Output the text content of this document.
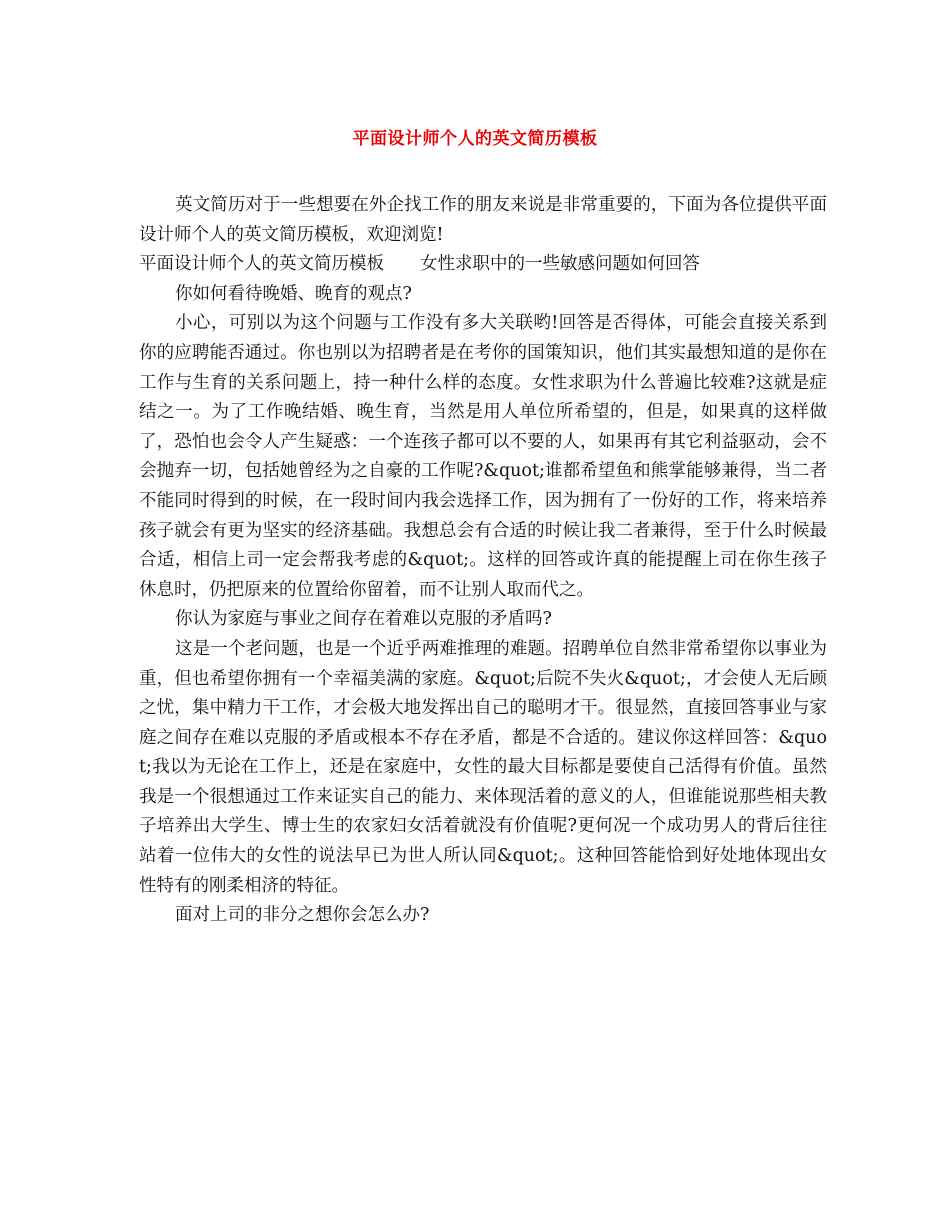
平面设计师个人的英文简历模板

英文简历对于一些想要在外企找工作的朋友来说是非常重要的，下面为各位提供平面设计师个人的英文简历模板，欢迎浏览!

平面设计师个人的英文简历模板 女性求职中的一些敏感问题如何回答

你如何看待晚婚、晚育的观点?

小心，可别以为这个问题与工作没有多大关联哟!回答是否得体，可能会直接关系到你的应聘能否通过。你也别以为招聘者是在考你的国策知识，他们其实最想知道的是你在工作与生育的关系问题上，持一种什么样的态度。女性求职为什么普遍比较难?这就是症结之一。为了工作晚结婚、晚生育，当然是用人单位所希望的，但是，如果真的这样做了，恐怕也会令人产生疑惑：一个连孩子都可以不要的人，如果再有其它利益驱动，会不会抛弃一切，包括她曾经为之自豪的工作呢?&quot;谁都希望鱼和熊掌能够兼得，当二者不能同时得到的时候，在一段时间内我会选择工作，因为拥有了一份好的工作，将来培养孩子就会有更为坚实的经济基础。我想总会有合适的时候让我二者兼得，至于什么时候最合适，相信上司一定会帮我考虑的&quot;。这样的回答或许真的能提醒上司在你生孩子休息时，仍把原来的位置给你留着，而不让别人取而代之。

你认为家庭与事业之间存在着难以克服的矛盾吗?

这是一个老问题，也是一个近乎两难推理的难题。招聘单位自然非常希望你以事业为重，但也希望你拥有一个幸福美满的家庭。&quot;后院不失火&quot;，才会使人无后顾之忧，集中精力干工作，才会极大地发挥出自己的聪明才干。很显然，直接回答事业与家庭之间存在难以克服的矛盾或根本不存在矛盾，都是不合适的。建议你这样回答：&quot;我以为无论在工作上，还是在家庭中，女性的最大目标都是要使自己活得有价值。虽然我是一个很想通过工作来证实自己的能力、来体现活着的意义的人，但谁能说那些相夫教子培养出大学生、博士生的农家妇女活着就没有价值呢?更何况一个成功男人的背后往往站着一位伟大的女性的说法早已为世人所认同&quot;。这种回答能恰到好处地体现出女性特有的刚柔相济的特征。

面对上司的非分之想你会怎么办?
